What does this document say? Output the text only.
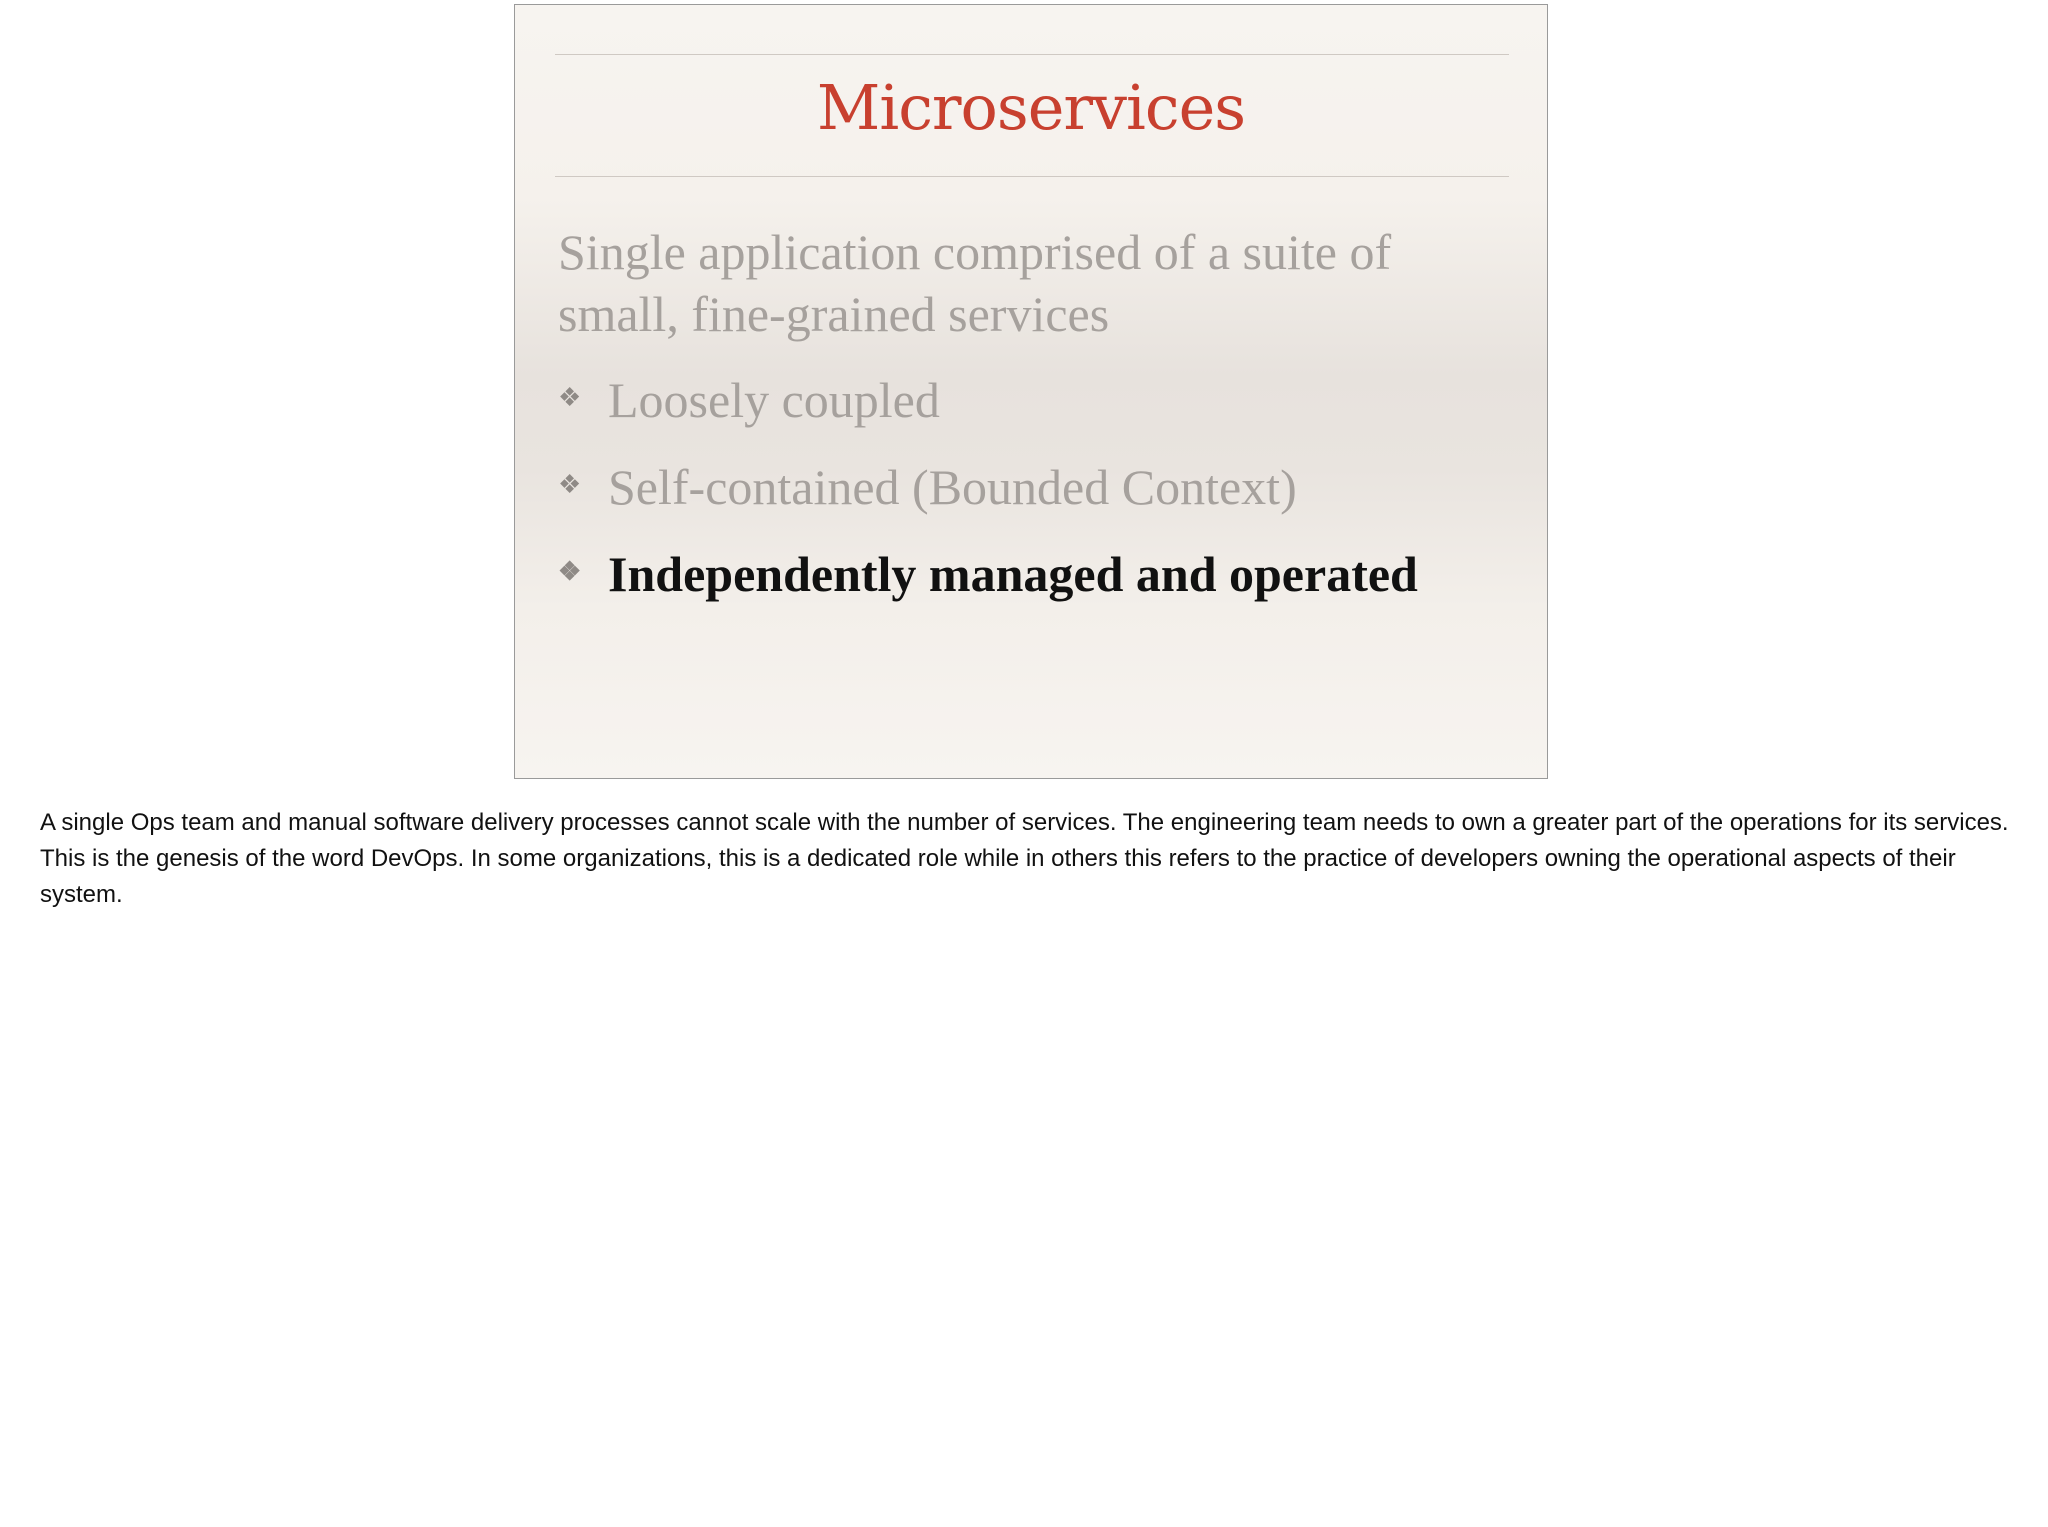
Microservices
Single application comprised of a suite of small, fine-grained services
❖ Loosely coupled
❖ Self-contained (Bounded Context)
❖ Independently managed and operated
A single Ops team and manual software delivery processes cannot scale with the number of services. The engineering team needs to own a greater part of the operations for its services. This is the genesis of the word DevOps. In some organizations, this is a dedicated role while in others this refers to the practice of developers owning the operational aspects of their system.
